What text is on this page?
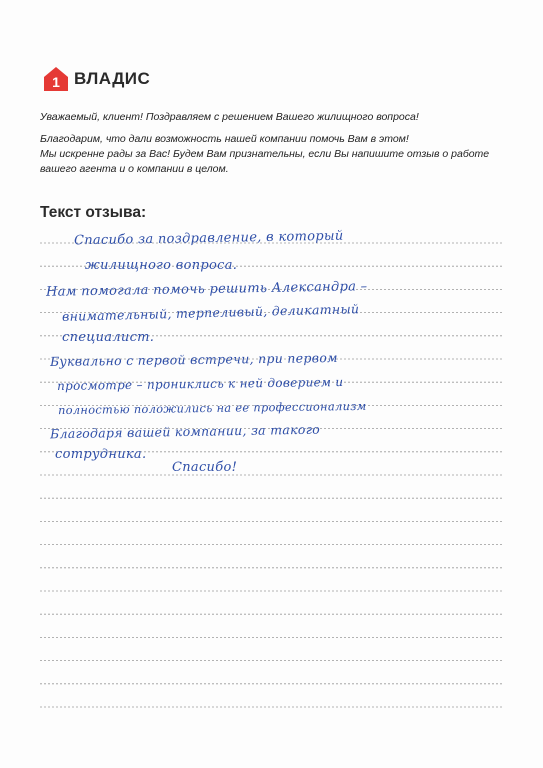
1 ВЛАДИС

Уважаемый, клиент! Поздравляем с решением Вашего жилищного вопроса!

Благодарим, что дали возможность нашей компании помочь Вам в этом!

Мы искренне рады за Вас! Будем Вам признательны, если Вы напишите отзыв о работе

вашего агента и о компании в целом.

Текст отзыва:
Спасибо за поздравление, в который
жилищного вопроса.
Нам помогала помочь решить Александра –
внимательный, терпеливый, деликатный
специалист.
Буквально с первой встречи, при первом
просмотре – прониклись к ней доверием и
полностью положились на ее профессионализм
Благодаря вашей компании, за такого
сотрудника.
Спасибо!
